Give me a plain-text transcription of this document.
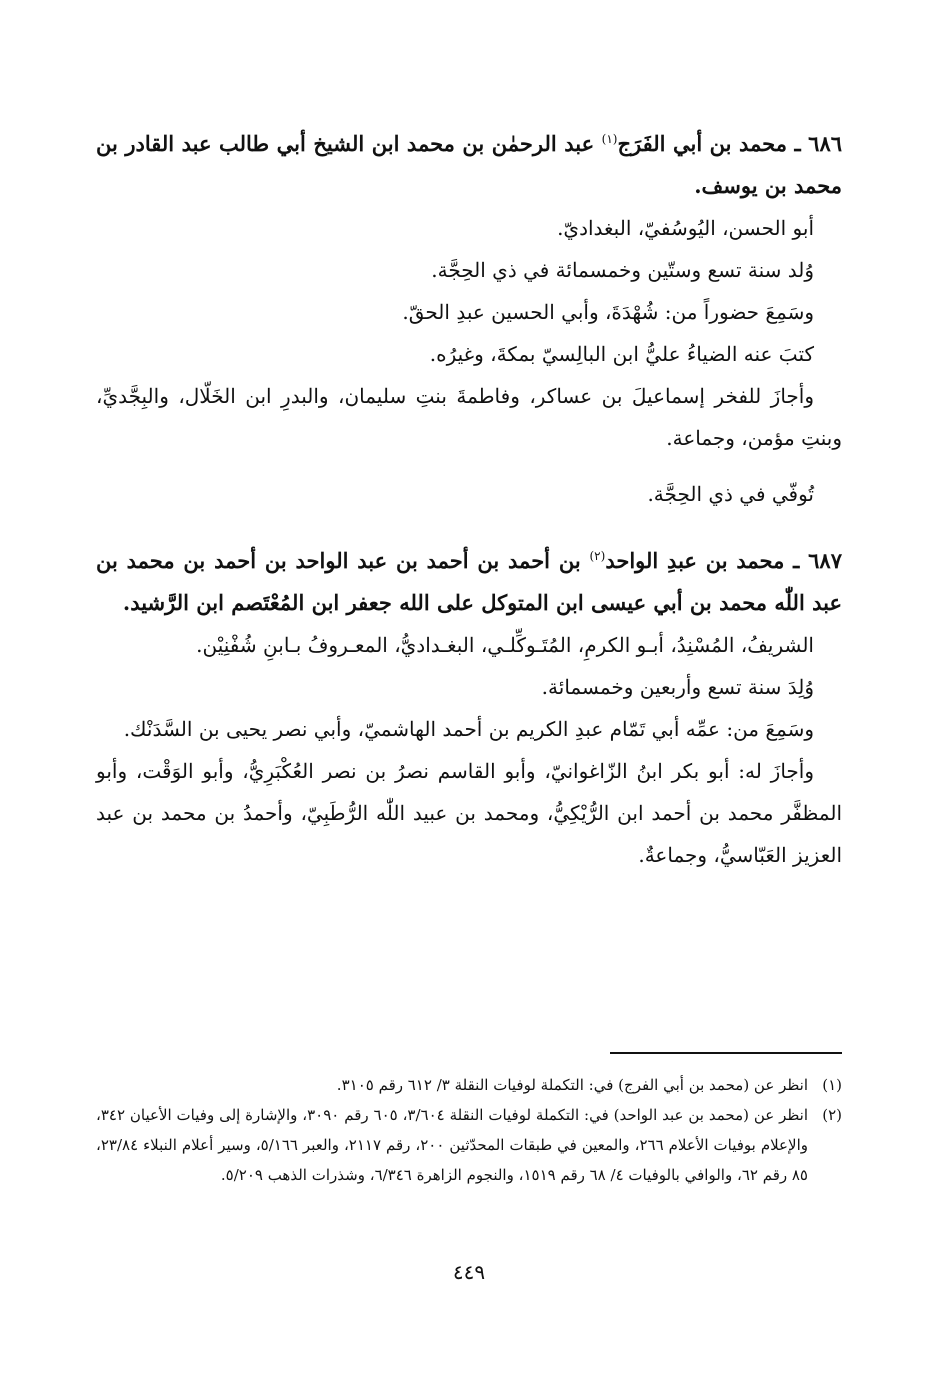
٦٨٦ ـ محمد بن أبي الفَرَج$^{(١)}$ عبد الرحمٰن بن محمد ابن الشيخ أبي طالب عبد القادر بن محمد بن يوسف.

أبو الحسن، اليُوسُفيّ، البغداديّ.

وُلد سنة تسع وستّين وخمسمائة في ذي الحِجَّة.

وسَمِعَ حضوراً من: شُهْدَةَ، وأبي الحسين عبدِ الحقّ.

كتبَ عنه الضياءُ عليُّ ابن البالِسيّ بمكةَ، وغيرُه.

وأجازَ للفخر إسماعيلَ بن عساكر، وفاطمةَ بنتِ سليمان، والبدرِ ابن الخَلّال، والبِجَّديِّ، وبنتِ مؤمن، وجماعة.

تُوفّي في ذي الحِجَّة.

٦٨٧ ـ محمد بن عبدِ الواحد$^{(٢)}$ بن أحمد بن أحمد بن عبد الواحد بن أحمد بن محمد بن عبد اللّٰه محمد بن أبي عيسى ابن المتوكل على الله جعفر ابن المُعْتَصم ابن الرَّشيد.

الشريفُ، المُسْنِدُ، أبـو الكرمِ، المُتَـوكِّلـي، البغـداديُّ، المعـروفُ بـابنِ شُفْنِيْن.

وُلِدَ سنة تسع وأربعين وخمسمائة.

وسَمِعَ من: عمِّه أبي تَمّام عبدِ الكريم بن أحمد الهاشميّ، وأبي نصر يحيى بن السَّدَنْك.

وأجازَ له: أبو بكر ابنُ الزّاغوانيّ، وأبو القاسم نصرُ بن نصر العُكْبَرِيُّ، وأبو الوَقْت، وأبو المظفَّر محمد بن أحمد ابن الرُّيْكِيُّ، ومحمد بن عبيد اللّٰه الرُّطَبِيّ، وأحمدُ بن محمد بن عبد العزيز العَبّاسيُّ، وجماعةٌ.

(١)
انظر عن (محمد بن أبي الفرج) في: التكملة لوفيات النقلة ٣/ ٦١٢ رقم ٣١٠٥.
(٢)
انظر عن (محمد بن عبد الواحد) في: التكملة لوفيات النقلة ٣/٦٠٤، ٦٠٥ رقم ٣٠٩٠، والإشارة إلى وفيات الأعيان ٣٤٢، والإعلام بوفيات الأعلام ٢٦٦، والمعين في طبقات المحدّثين ٢٠٠، رقم ٢١١٧، والعبر ٥/١٦٦، وسير أعلام النبلاء ٢٣/٨٤، ٨٥ رقم ٦٢، والوافي بالوفيات ٤/ ٦٨ رقم ١٥١٩، والنجوم الزاهرة ٦/٣٤٦، وشذرات الذهب ٥/٢٠٩.
٤٤٩
